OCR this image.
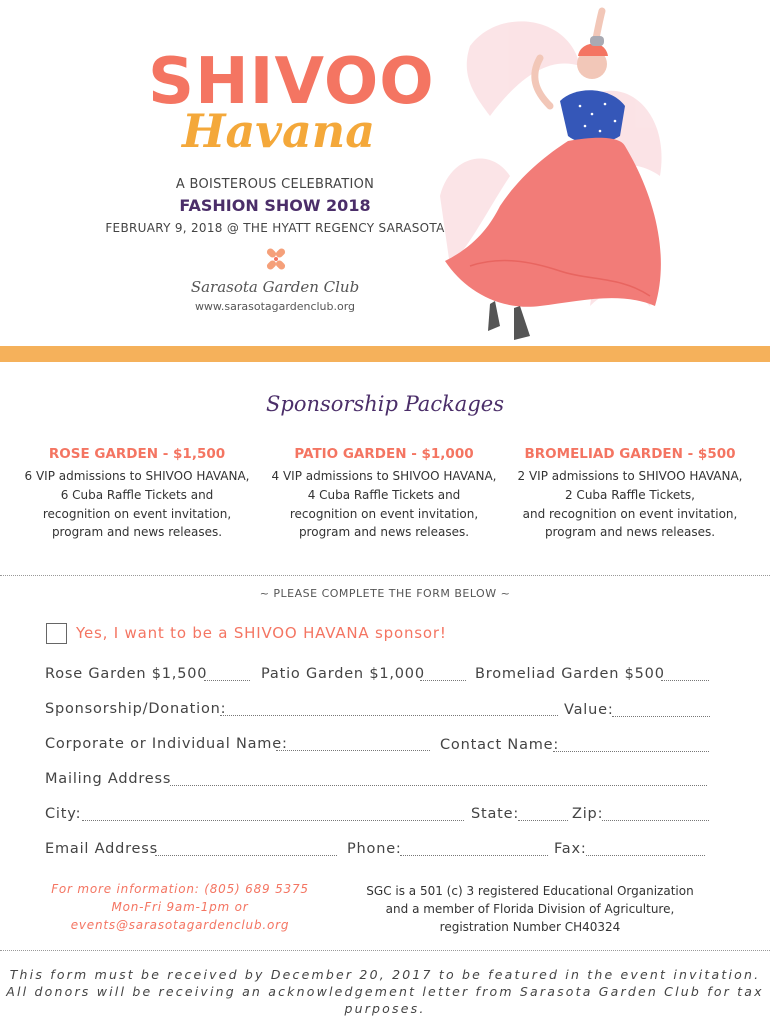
SHIVOO
Havana
A BOISTEROUS CELEBRATION
FASHION SHOW 2018
FEBRUARY 9, 2018 @ THE HYATT REGENCY SARASOTA
Sarasota Garden Club
www.sarasotagardenclub.org
Sponsorship Packages
ROSE GARDEN - $1,500
6 VIP admissions to SHIVOO HAVANA,
6 Cuba Raffle Tickets and
recognition on event invitation,
program and news releases.
PATIO GARDEN - $1,000
4 VIP admissions to SHIVOO HAVANA,
4 Cuba Raffle Tickets and
recognition on event invitation,
program and news releases.
BROMELIAD GARDEN - $500
2 VIP admissions to SHIVOO HAVANA,
2 Cuba Raffle Tickets,
and recognition on event invitation,
program and news releases.
~ PLEASE COMPLETE THE FORM BELOW ~
Yes, I want to be a SHIVOO HAVANA sponsor!
Rose Garden $1,500	Patio Garden $1,000	Bromeliad Garden $500
Sponsorship/Donation:	Value:
Corporate or Individual Name:	Contact Name:
Mailing Address
City:	State:	Zip:
Email Address	Phone:	Fax:
For more information: (805) 689 5375
Mon-Fri 9am-1pm or
events@sarasotagardenclub.org
SGC is a 501 (c) 3 registered Educational Organization
and a member of Florida Division of Agriculture,
registration Number CH40324
This form must be received by December 20, 2017 to be featured in the event invitation.
All donors will be receiving an acknowledgement letter from Sarasota Garden Club for tax purposes.
